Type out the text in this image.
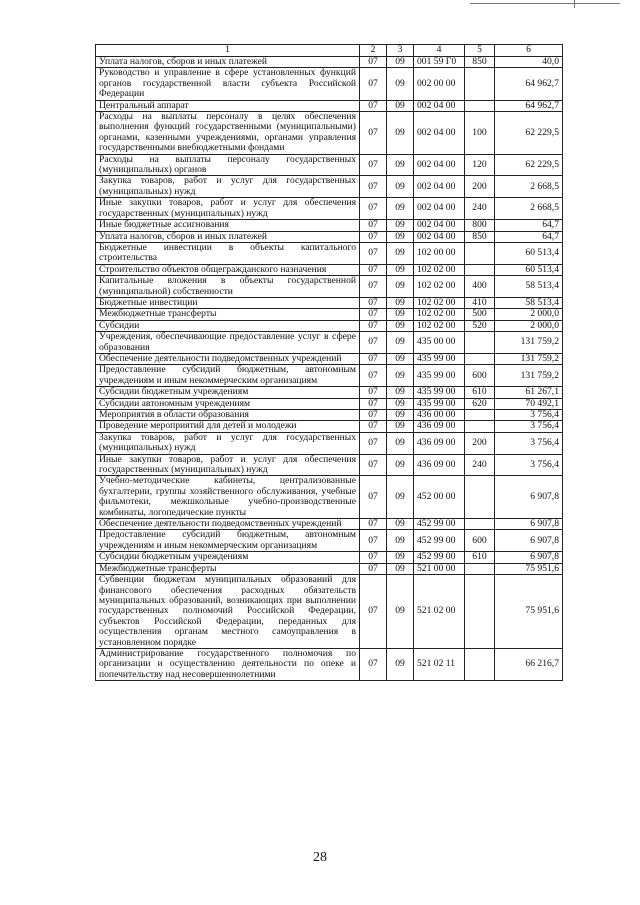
1	2	3	4	5	6
Уплата налогов, сборов и иных платежей	07	09	001 59 Г0	850	40,0
Руководство и управление в сфере установленных функций органов государственной власти субъекта Российской Федерации	07	09	002 00 00		64 962,7
Центральный аппарат	07	09	002 04 00		64 962,7
Расходы на выплаты персоналу в целях обеспечения выполнения функций государственными (муниципальными) органами, казенными учреждениями, органами управления государственными внебюджетными фондами	07	09	002 04 00	100	62 229,5
Расходы на выплаты персоналу государственных (муниципальных) органов	07	09	002 04 00	120	62 229,5
Закупка товаров, работ и услуг для государственных (муниципальных) нужд	07	09	002 04 00	200	2 668,5
Иные закупки товаров, работ и услуг для обеспечения государственных (муниципальных) нужд	07	09	002 04 00	240	2 668,5
Иные бюджетные ассигнования	07	09	002 04 00	800	64,7
Уплата налогов, сборов и иных платежей	07	09	002 04 00	850	64,7
Бюджетные инвестиции в объекты капитального строительства	07	09	102 00 00		60 513,4
Строительство объектов общегражданского назначения	07	09	102 02 00		60 513,4
Капитальные вложения в объекты государственной (муниципальной) собственности	07	09	102 02 00	400	58 513,4
Бюджетные инвестиции	07	09	102 02 00	410	58 513,4
Межбюджетные трансферты	07	09	102 02 00	500	2 000,0
Субсидии	07	09	102 02 00	520	2 000,0
Учреждения, обеспечивающие предоставление услуг в сфере образования	07	09	435 00 00		131 759,2
Обеспечение деятельности подведомственных учреждений	07	09	435 99 00		131 759,2
Предоставление субсидий бюджетным, автономным учреждениям и иным некоммерческим организациям	07	09	435 99 00	600	131 759,2
Субсидии бюджетным учреждениям	07	09	435 99 00	610	61 267,1
Субсидии автономным учреждениям	07	09	435 99 00	620	70 492,1
Мероприятия в области образования	07	09	436 00 00		3 756,4
Проведение мероприятий для детей и молодежи	07	09	436 09 00		3 756,4
Закупка товаров, работ и услуг для государственных (муниципальных) нужд	07	09	436 09 00	200	3 756,4
Иные закупки товаров, работ и услуг для обеспечения государственных (муниципальных) нужд	07	09	436 09 00	240	3 756,4
Учебно-методические кабинеты, централизованные бухгалтерии, группы хозяйственного обслуживания, учебные фильмотеки, межшкольные учебно-производственные комбинаты, логопедические пункты	07	09	452 00 00		6 907,8
Обеспечение деятельности подведомственных учреждений	07	09	452 99 00		6 907,8
Предоставление субсидий бюджетным, автономным учреждениям и иным некоммерческим организациям	07	09	452 99 00	600	6 907,8
Субсидии бюджетным учреждениям	07	09	452 99 00	610	6 907,8
Межбюджетные трансферты	07	09	521 00 00		75 951,6
Субвенции бюджетам муниципальных образований для финансового обеспечения расходных обязательств муниципальных образований, возникающих при выполнении государственных полномочий Российской Федерации, субъектов Российской Федерации, переданных для осуществления органам местного самоуправления в установленном порядке	07	09	521 02 00		75 951,6
Администрирование государственного полномочия по организации и осуществлению деятельности по опеке и попечительству над несовершеннолетними	07	09	521 02 11		66 216,7
28
